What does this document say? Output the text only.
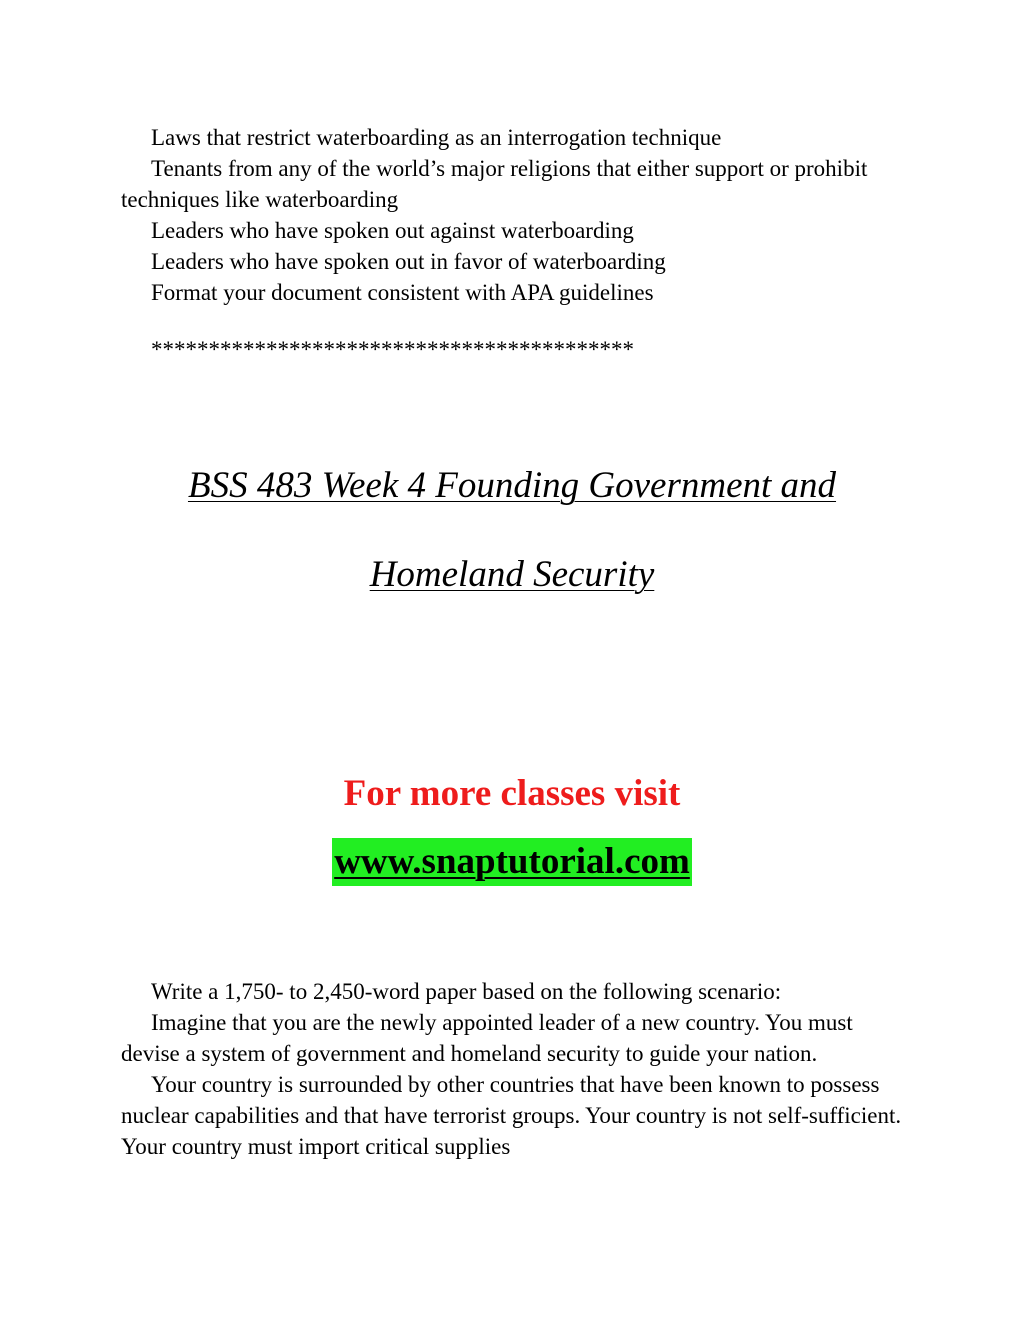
Laws that restrict waterboarding as an interrogation technique

Tenants from any of the world’s major religions that either support or prohibit techniques like waterboarding

Leaders who have spoken out against waterboarding

Leaders who have spoken out in favor of waterboarding

Format your document consistent with APA guidelines

******************************************
BSS 483 Week 4 Founding Government and
Homeland Security
For more classes visit
www.snaptutorial.com

Write a 1,750- to 2,450-word paper based on the following scenario:

Imagine that you are the newly appointed leader of a new country. You must devise a system of government and homeland security to guide your nation.

Your country is surrounded by other countries that have been known to possess nuclear capabilities and that have terrorist groups. Your country is not self-sufficient. Your country must import critical supplies
